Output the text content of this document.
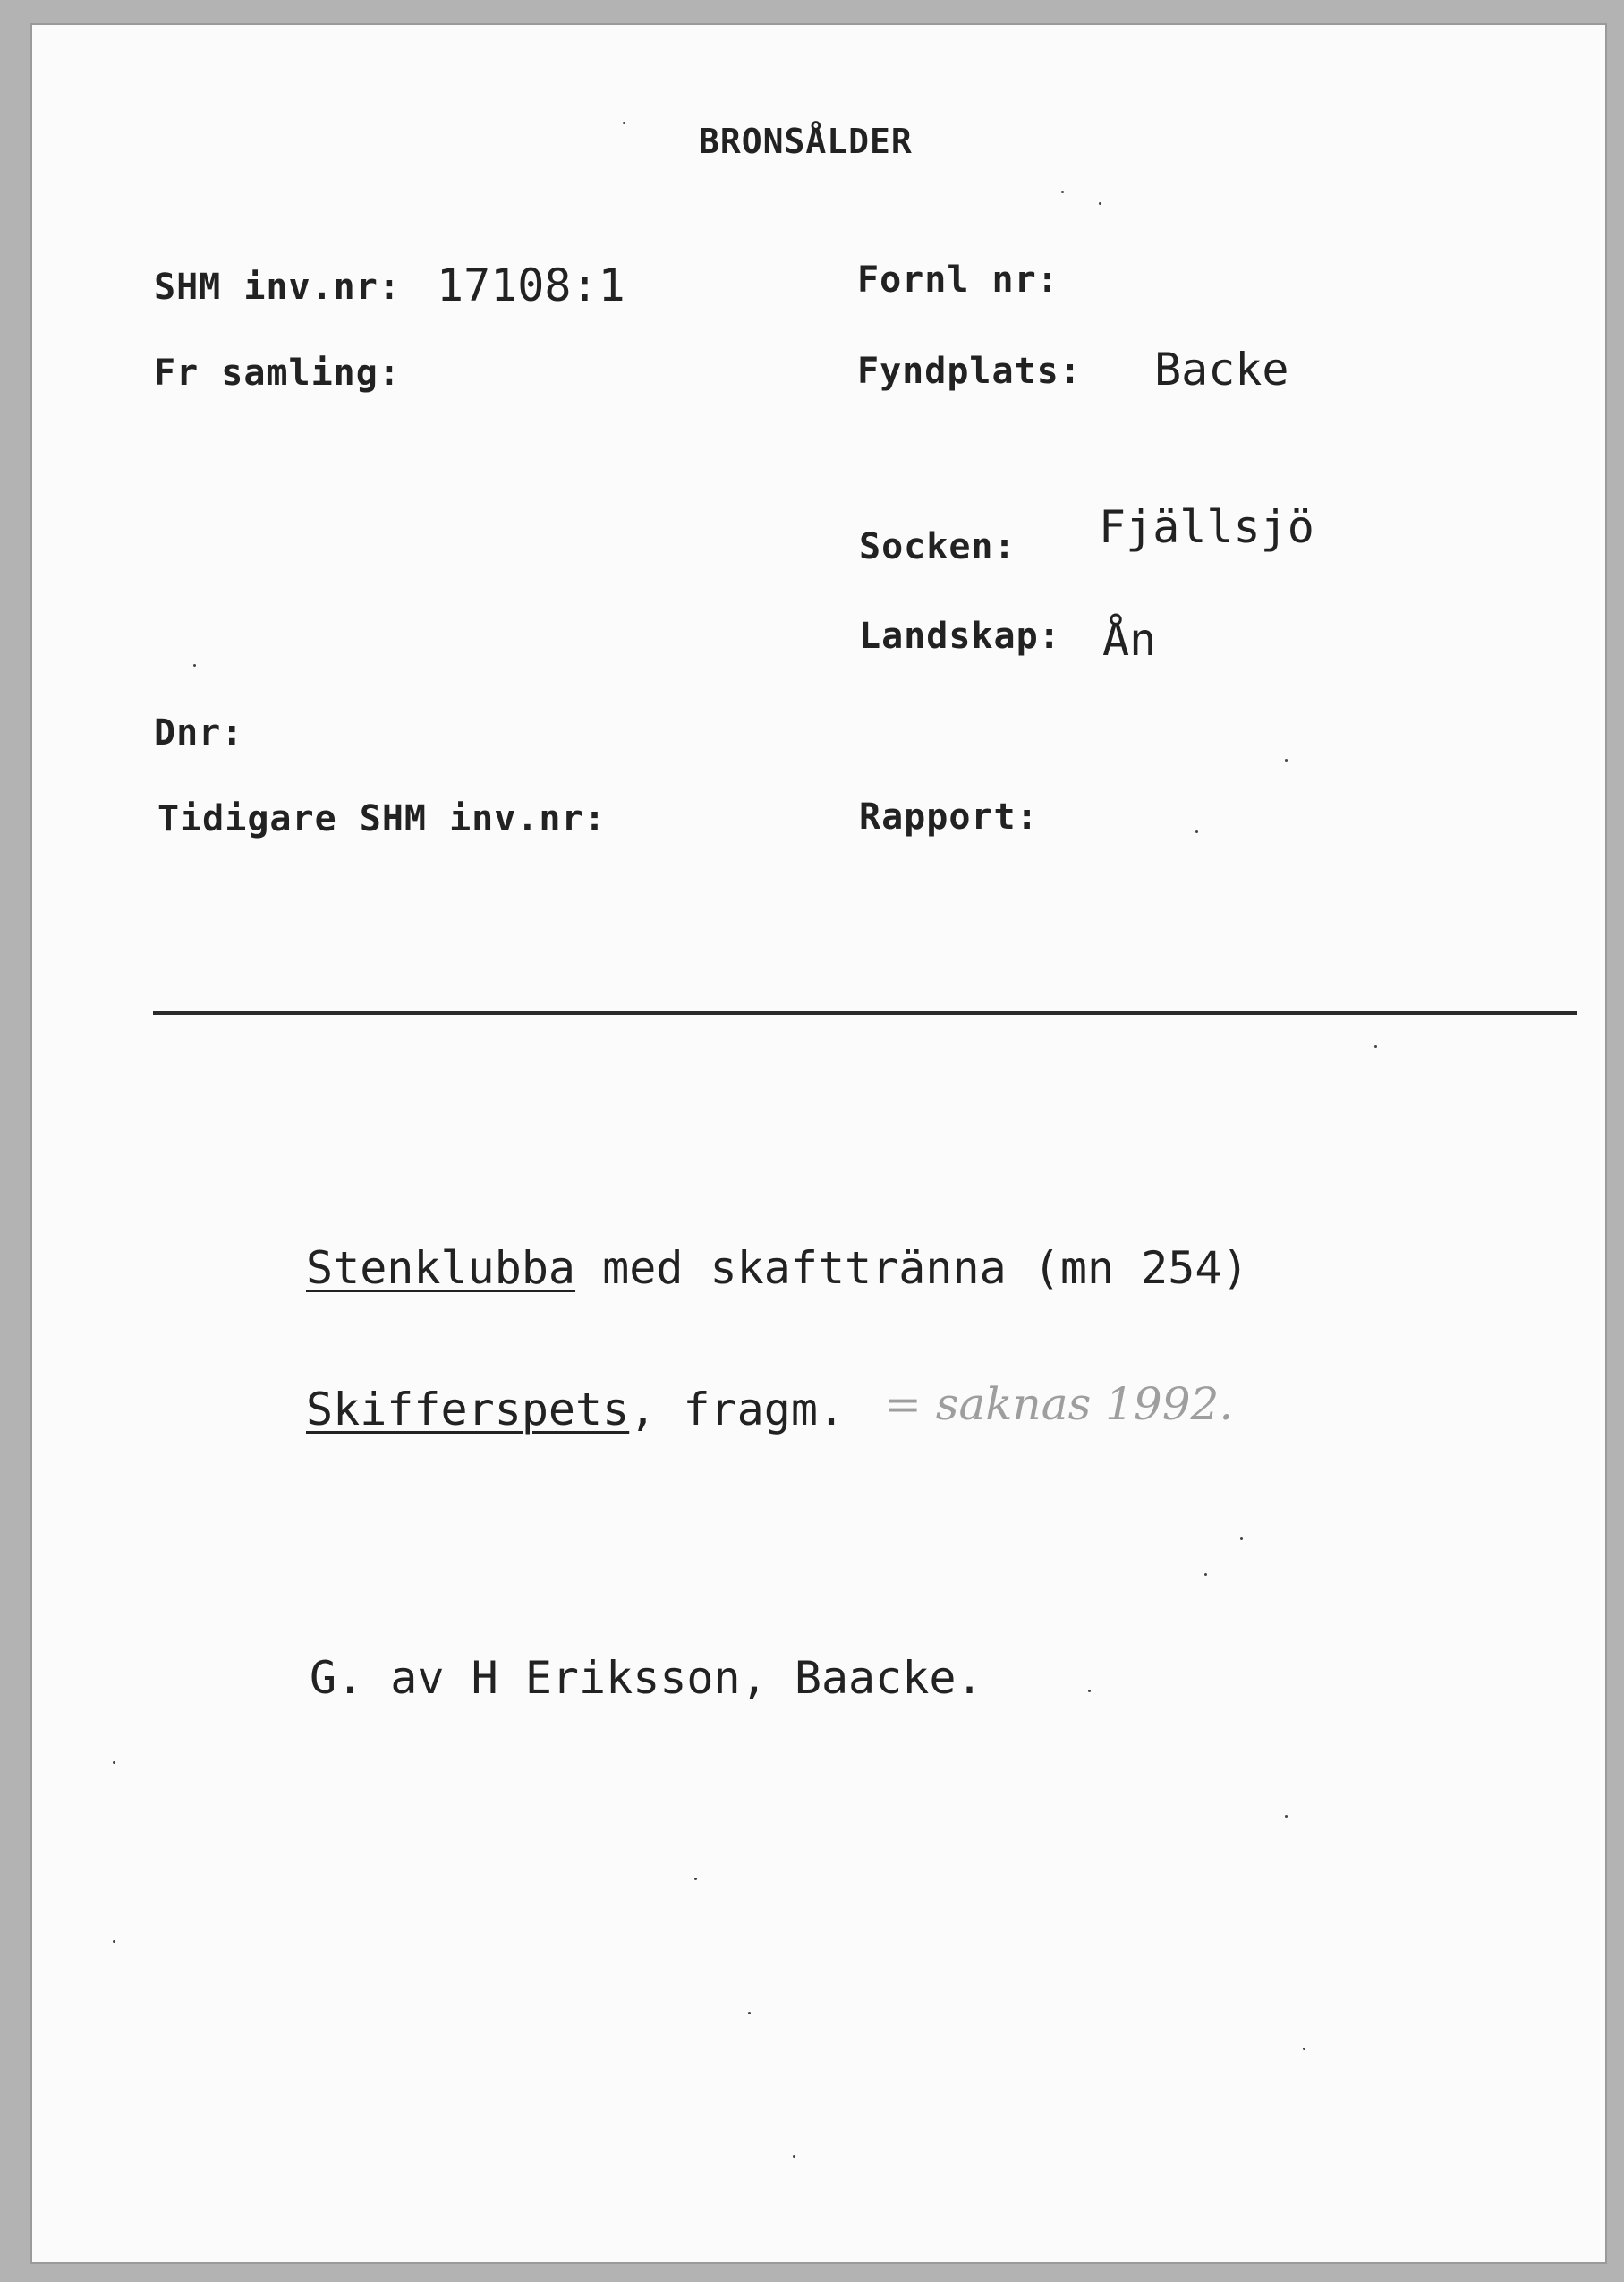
BRONSÅLDER
SHM inv.nr: 17108:1	Fornl nr:
Fr samling:	Fyndplats: Backe
Socken: Fjällsjö
Landskap: Ån
Dnr:
Tidigare SHM inv.nr:	Rapport:
Stenklubba med skafttränna (mn 254)
Skifferspets, fragm. = saknas 1992.
G. av H Eriksson, Baacke.
